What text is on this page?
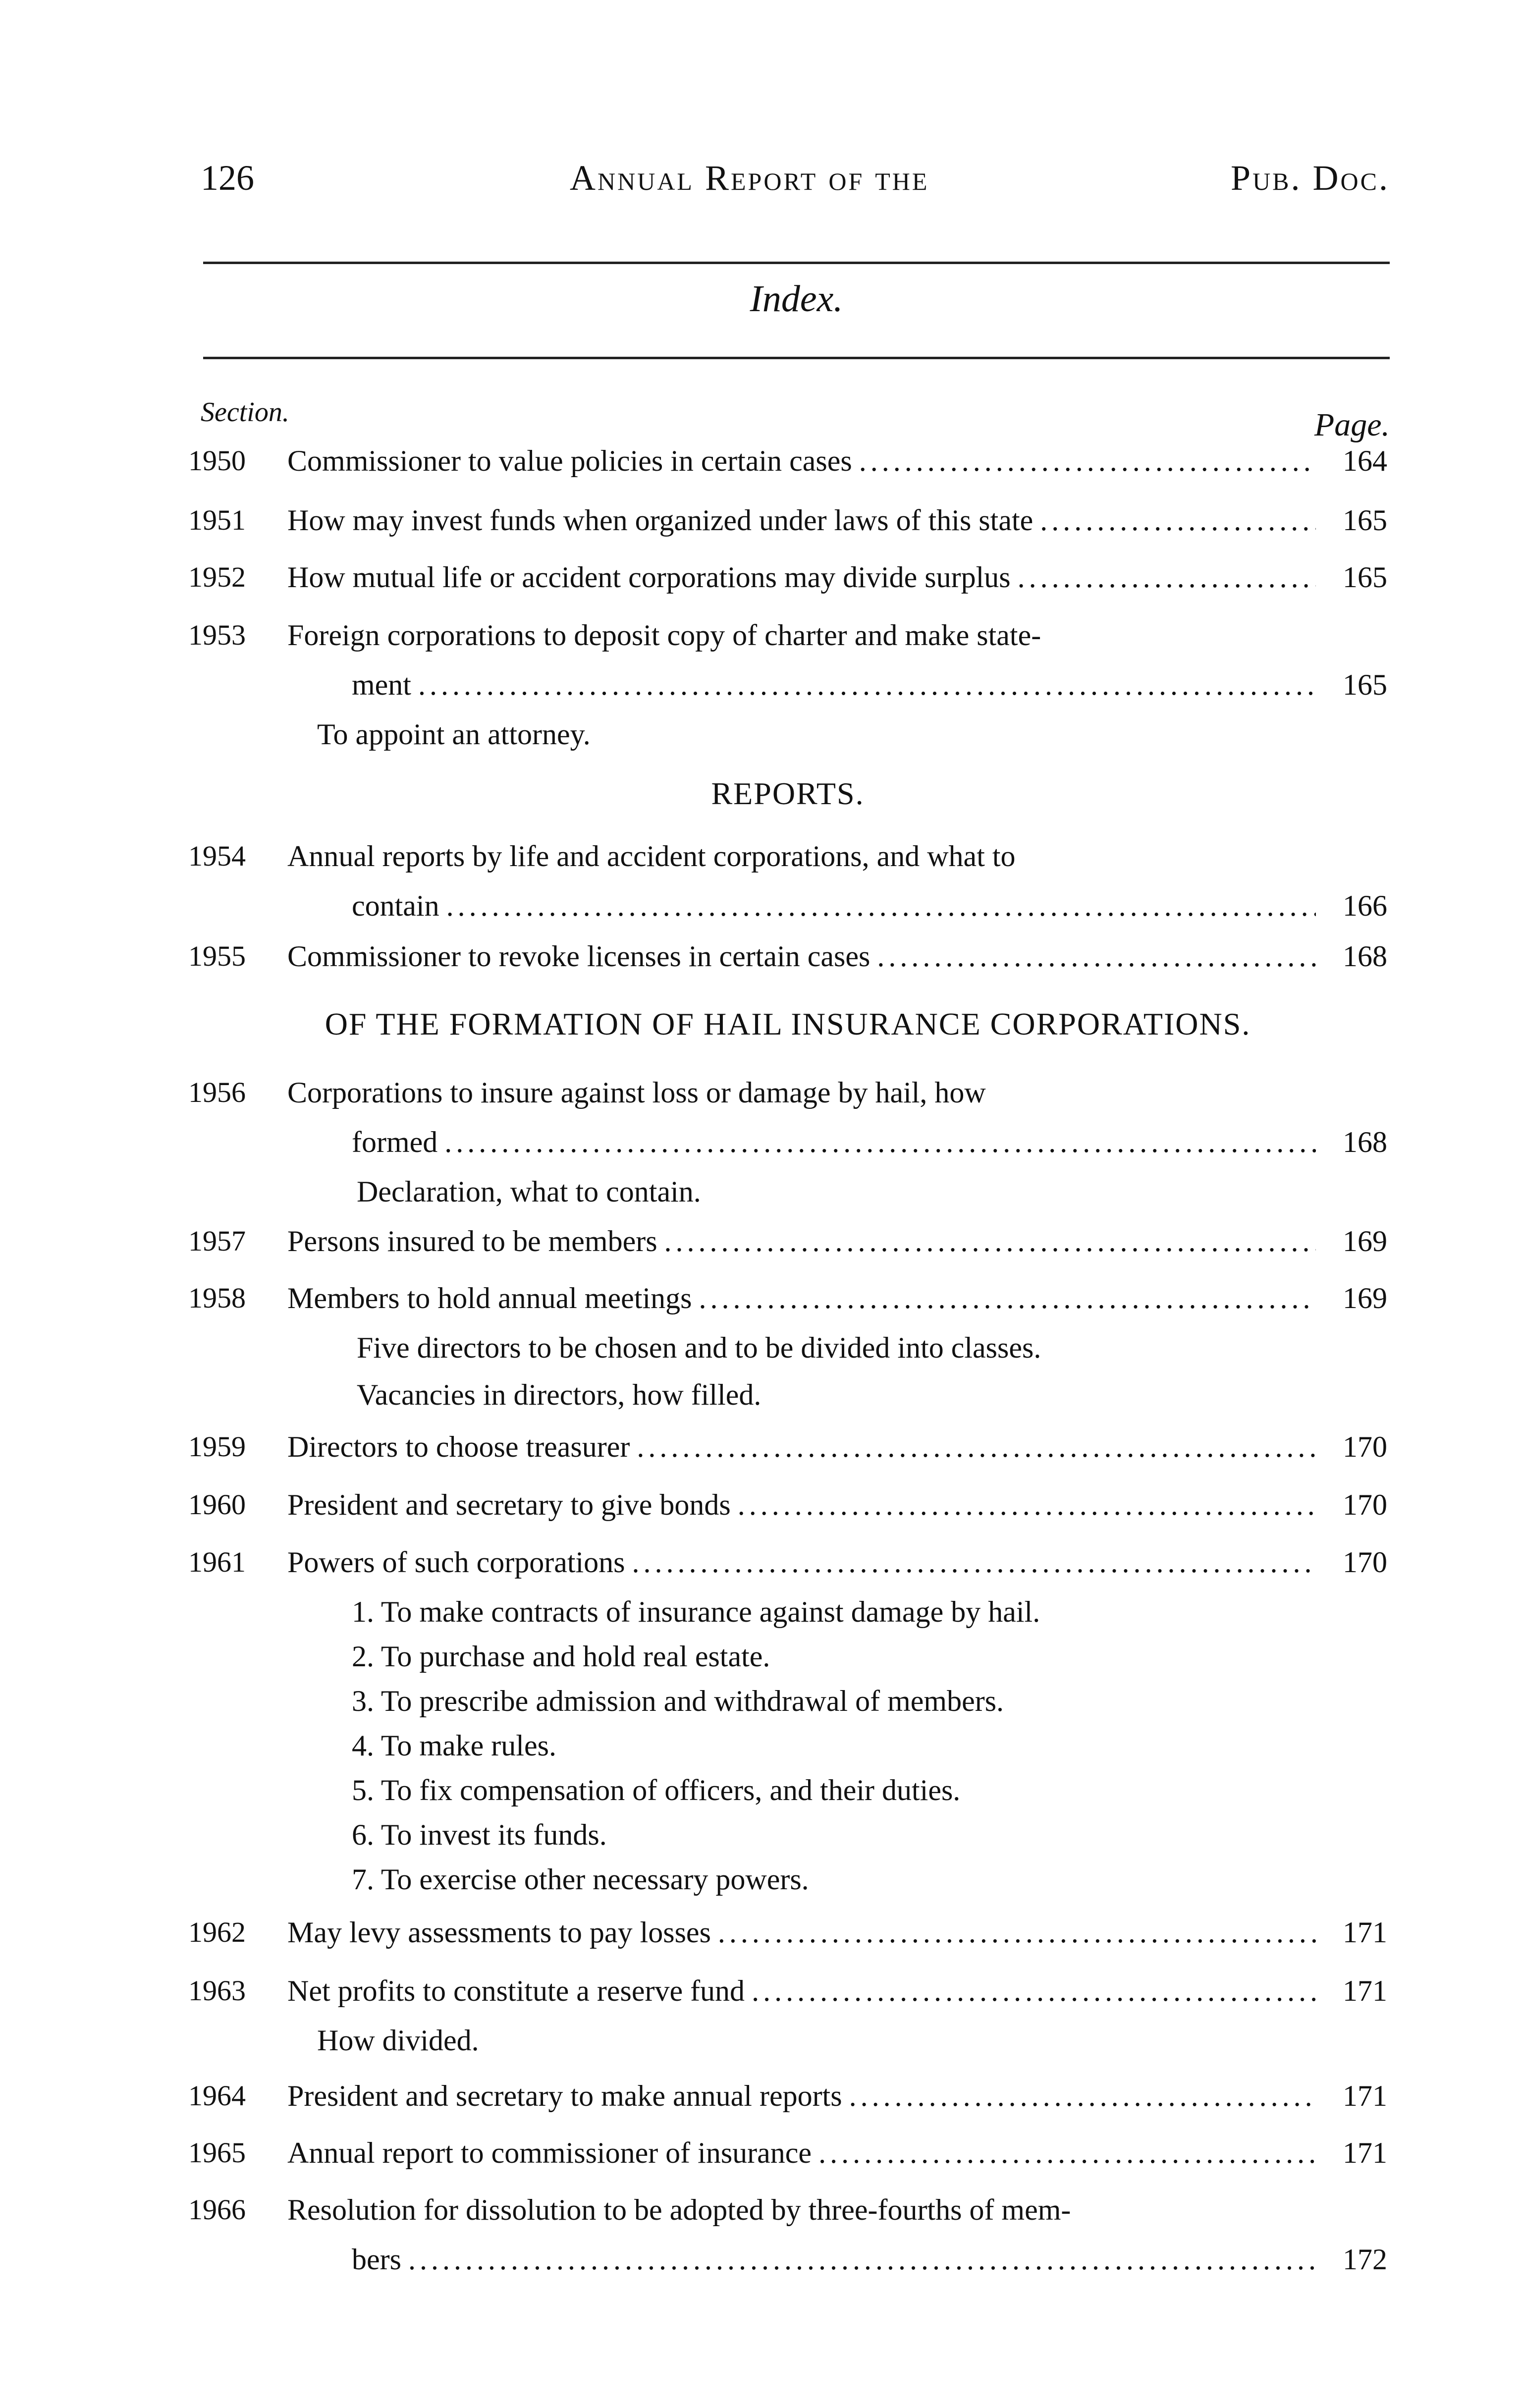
126	Annual Report of the	Pub. Doc.
Index.
Section.	Page.
1950	Commissioner to value policies in certain cases .....	164
1951	How may invest funds when organized under laws of this state .....	165
1952	How mutual life or accident corporations may divide surplus .....	165
1953	Foreign corporations to deposit copy of charter and make state-
ment .....	165
To appoint an attorney.
REPORTS.
1954	Annual reports by life and accident corporations, and what to
contain .....	166
1955	Commissioner to revoke licenses in certain cases .....	168
OF THE FORMATION OF HAIL INSURANCE CORPORATIONS.
1956	Corporations to insure against loss or damage by hail, how
formed .....	168
Declaration, what to contain.
1957	Persons insured to be members .....	169
1958	Members to hold annual meetings .....	169
Five directors to be chosen and to be divided into classes.
Vacancies in directors, how filled.
1959	Directors to choose treasurer .....	170
1960	President and secretary to give bonds .....	170
1961	Powers of such corporations .....	170
1. To make contracts of insurance against damage by hail.
2. To purchase and hold real estate.
3. To prescribe admission and withdrawal of members.
4. To make rules.
5. To fix compensation of officers, and their duties.
6. To invest its funds.
7. To exercise other necessary powers.
1962	May levy assessments to pay losses .....	171
1963	Net profits to constitute a reserve fund .....	171
How divided.
1964	President and secretary to make annual reports .....	171
1965	Annual report to commissioner of insurance .....	171
1966	Resolution for dissolution to be adopted by three-fourths of mem-
bers .....	172
